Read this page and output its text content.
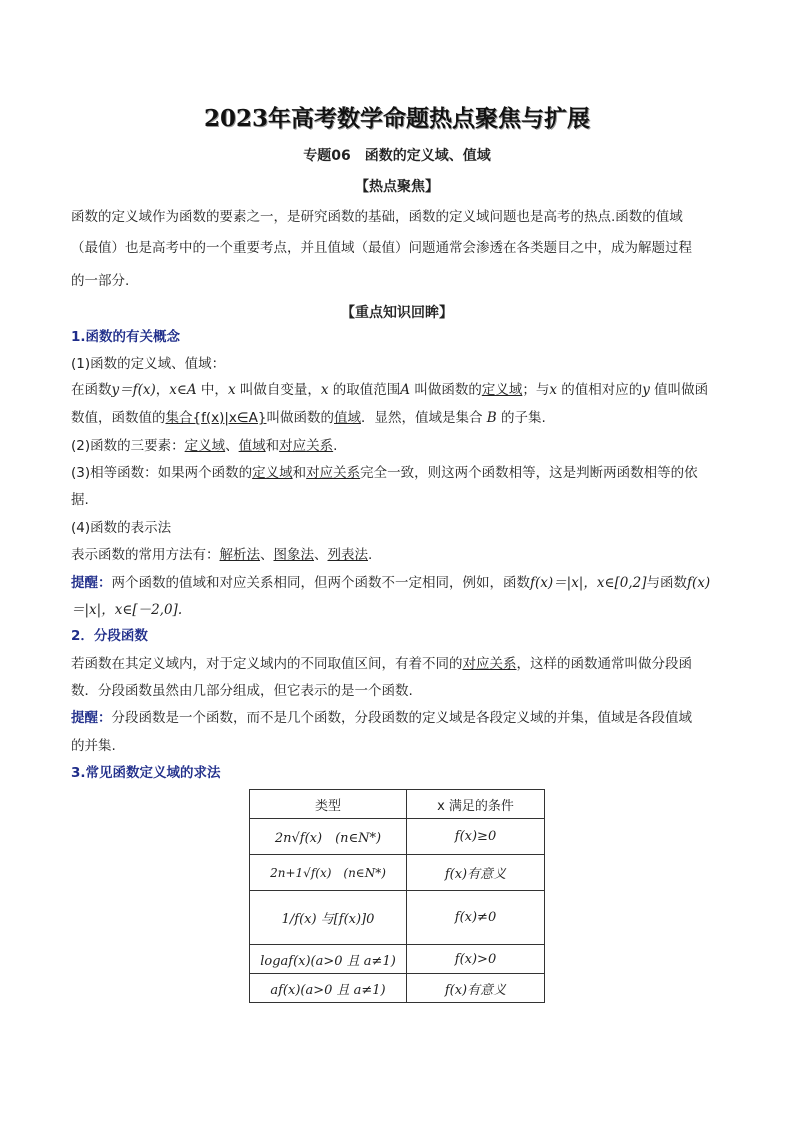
2023年高考数学命题热点聚焦与扩展
专题06　函数的定义域、值域
【热点聚焦】
函数的定义域作为函数的要素之一，是研究函数的基础，函数的定义域问题也是高考的热点.函数的值域
（最值）也是高考中的一个重要考点，并且值域（最值）问题通常会渗透在各类题目之中，成为解题过程
的一部分.
【重点知识回眸】
1.函数的有关概念
(1)函数的定义域、值域：
在函数y＝f(x)，x∈A 中，x 叫做自变量，x 的取值范围A 叫做函数的定义域；与x 的值相对应的y 值叫做函
数值，函数值的集合{f(x)|x∈A}叫做函数的值域．显然，值域是集合 B 的子集.
(2)函数的三要素：定义域、值域和对应关系.
(3)相等函数：如果两个函数的定义域和对应关系完全一致，则这两个函数相等，这是判断两函数相等的依
据.
(4)函数的表示法
表示函数的常用方法有：解析法、图象法、列表法.
提醒：两个函数的值域和对应关系相同，但两个函数不一定相同，例如，函数f(x)＝|x|，x∈[0,2]与函数f(x)
＝|x|，x∈[－2,0].
2．分段函数
若函数在其定义域内，对于定义域内的不同取值区间，有着不同的对应关系，这样的函数通常叫做分段函
数．分段函数虽然由几部分组成，但它表示的是一个函数.
提醒：分段函数是一个函数，而不是几个函数，分段函数的定义域是各段定义域的并集，值域是各段值域
的并集.
3.常见函数定义域的求法
类型	x 满足的条件
2n√f(x)　(n∈N*)	f(x)≥0
2n+1√f(x)　(n∈N*)	f(x)有意义
1/f(x) 与[f(x)]0	f(x)≠0
logaf(x)(a>0 且 a≠1)	f(x)>0
af(x)(a>0 且 a≠1)	f(x)有意义
